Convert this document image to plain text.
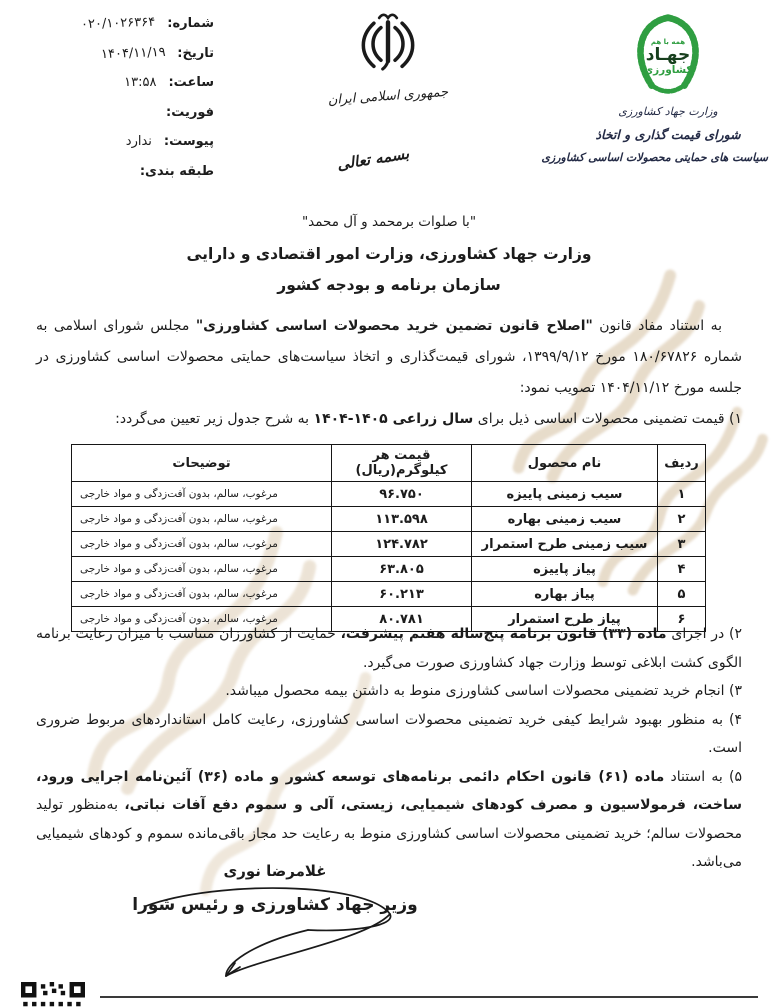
شماره:
۰۲۰/۱۰۲۶۳۶۴
تاریخ:
۱۴۰۴/۱۱/۱۹
ساعت:
۱۳:۵۸
فوریت:
پیوست:
ندارد
طبقه بندی:
جمهوری اسلامی ایران
بسمه تعالی
همه با هم
جهـاد
کشاورزی
وزارت جهاد کشاورزی
شورای قیمت گذاری و اتخاذ
سیاست های حمایتی محصولات اساسی کشاورزی
"با صلوات برمحمد و آل محمد"
وزارت جهاد کشاورزی، وزارت امور اقتصادی و دارایی
سازمان برنامه و بودجه کشور

به استناد مفاد قانون "اصلاح قانون تضمین خرید محصولات اساسی کشاورزی" مجلس شورای اسلامی به شماره ۱۸۰/۶۷۸۲۶ مورخ ۱۳۹۹/۹/۱۲، شورای قیمت‌گذاری و اتخاذ سیاست‌های حمایتی محصولات اساسی کشاورزی در جلسه مورخ ۱۴۰۴/۱۱/۱۲ تصویب نمود:

۱) قیمت تضمینی محصولات اساسی ذیل برای سال زراعی ۱۴۰۴-۱۴۰۵ به شرح جدول زیر تعیین می‌گردد:

ردیف	نام محصول	قیمت هر کیلوگرم(ریال)	توضیحات
۱	سیب زمینی پاییزه	۹۶.۷۵۰	مرغوب، سالم، بدون آفت‌زدگی و مواد خارجی
۲	سیب زمینی بهاره	۱۱۳.۵۹۸	مرغوب، سالم، بدون آفت‌زدگی و مواد خارجی
۳	سیب زمینی طرح استمرار	۱۲۴.۷۸۲	مرغوب، سالم، بدون آفت‌زدگی و مواد خارجی
۴	پیاز پاییزه	۶۳.۸۰۵	مرغوب، سالم، بدون آفت‌زدگی و مواد خارجی
۵	پیاز بهاره	۶۰.۲۱۳	مرغوب، سالم، بدون آفت‌زدگی و مواد خارجی
۶	پیاز طرح استمرار	۸۰.۷۸۱	مرغوب، سالم، بدون آفت‌زدگی و مواد خارجی

۲) در اجرای ماده (۳۳) قانون برنامه پنج‌ساله هفتم پیشرفت، حمایت از کشاورزان متناسب با میزان رعایت برنامه الگوی کشت ابلاغی توسط وزارت جهاد کشاورزی صورت می‌گیرد.

۳) انجام خرید تضمینی محصولات اساسی کشاورزی منوط به داشتن بیمه محصول میباشد.

۴) به منظور بهبود شرایط کیفی خرید تضمینی محصولات اساسی کشاورزی، رعایت کامل استانداردهای مربوط ضروری است.

۵) به استناد ماده (۶۱) قانون احکام دائمی برنامه‌های توسعه کشور و ماده (۳۶) آئین‌نامه اجرایی ورود، ساخت، فرمولاسیون و مصرف کودهای شیمیایی، زیستی، آلی و سموم دفع آفات نباتی، به‌منظور تولید محصولات سالم؛ خرید تضمینی محصولات اساسی کشاورزی منوط به رعایت حد مجاز باقی‌مانده سموم و کودهای شیمیایی می‌باشد.

غلامرضا نوری
وزیر جهاد کشاورزی و رئیس شورا
